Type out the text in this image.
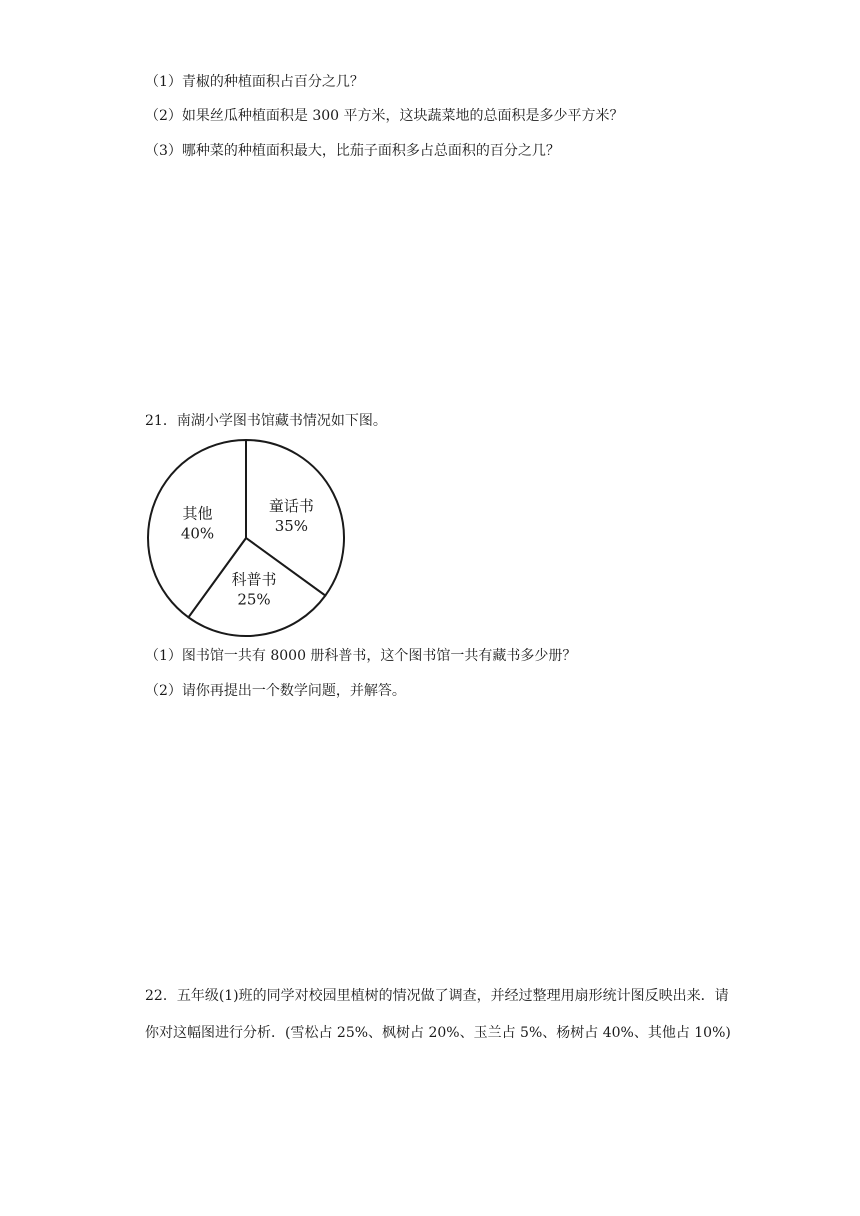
（1）青椒的种植面积占百分之几？
（2）如果丝瓜种植面积是 300 平方米，这块蔬菜地的总面积是多少平方米？
（3）哪种菜的种植面积最大，比茄子面积多占总面积的百分之几？
21．南湖小学图书馆藏书情况如下图。
童话书
35%
科普书
25%
其他
40%
（1）图书馆一共有 8000 册科普书，这个图书馆一共有藏书多少册？
（2）请你再提出一个数学问题，并解答。
22．五年级(1)班的同学对校园里植树的情况做了调查，并经过整理用扇形统计图反映出来．请你对这幅图进行分析．(雪松占 25%、枫树占 20%、玉兰占 5%、杨树占 40%、其他占 10%)
